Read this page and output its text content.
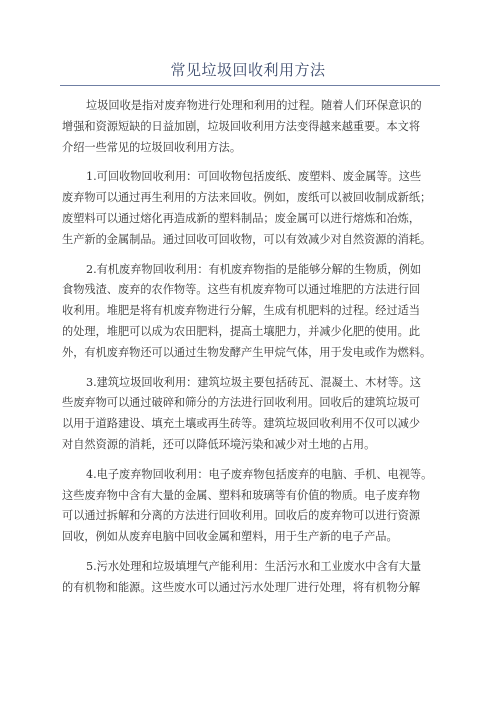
常见垃圾回收利用方法

垃圾回收是指对废弃物进行处理和利用的过程。随着人们环保意识的
增强和资源短缺的日益加剧，垃圾回收利用方法变得越来越重要。本文将
介绍一些常见的垃圾回收利用方法。

1.可回收物回收利用：可回收物包括废纸、废塑料、废金属等。这些
废弃物可以通过再生利用的方法来回收。例如，废纸可以被回收制成新纸；
废塑料可以通过熔化再造成新的塑料制品；废金属可以进行熔炼和冶炼，
生产新的金属制品。通过回收可回收物，可以有效减少对自然资源的消耗。

2.有机废弃物回收利用：有机废弃物指的是能够分解的生物质，例如
食物残渣、废弃的农作物等。这些有机废弃物可以通过堆肥的方法进行回
收利用。堆肥是将有机废弃物进行分解，生成有机肥料的过程。经过适当
的处理，堆肥可以成为农田肥料，提高土壤肥力，并减少化肥的使用。此
外，有机废弃物还可以通过生物发酵产生甲烷气体，用于发电或作为燃料。

3.建筑垃圾回收利用：建筑垃圾主要包括砖瓦、混凝土、木材等。这
些废弃物可以通过破碎和筛分的方法进行回收利用。回收后的建筑垃圾可
以用于道路建设、填充土壤或再生砖等。建筑垃圾回收利用不仅可以减少
对自然资源的消耗，还可以降低环境污染和减少对土地的占用。

4.电子废弃物回收利用：电子废弃物包括废弃的电脑、手机、电视等。
这些废弃物中含有大量的金属、塑料和玻璃等有价值的物质。电子废弃物
可以通过拆解和分离的方法进行回收利用。回收后的废弃物可以进行资源
回收，例如从废弃电脑中回收金属和塑料，用于生产新的电子产品。

5.污水处理和垃圾填埋气产能利用：生活污水和工业废水中含有大量
的有机物和能源。这些废水可以通过污水处理厂进行处理，将有机物分解
